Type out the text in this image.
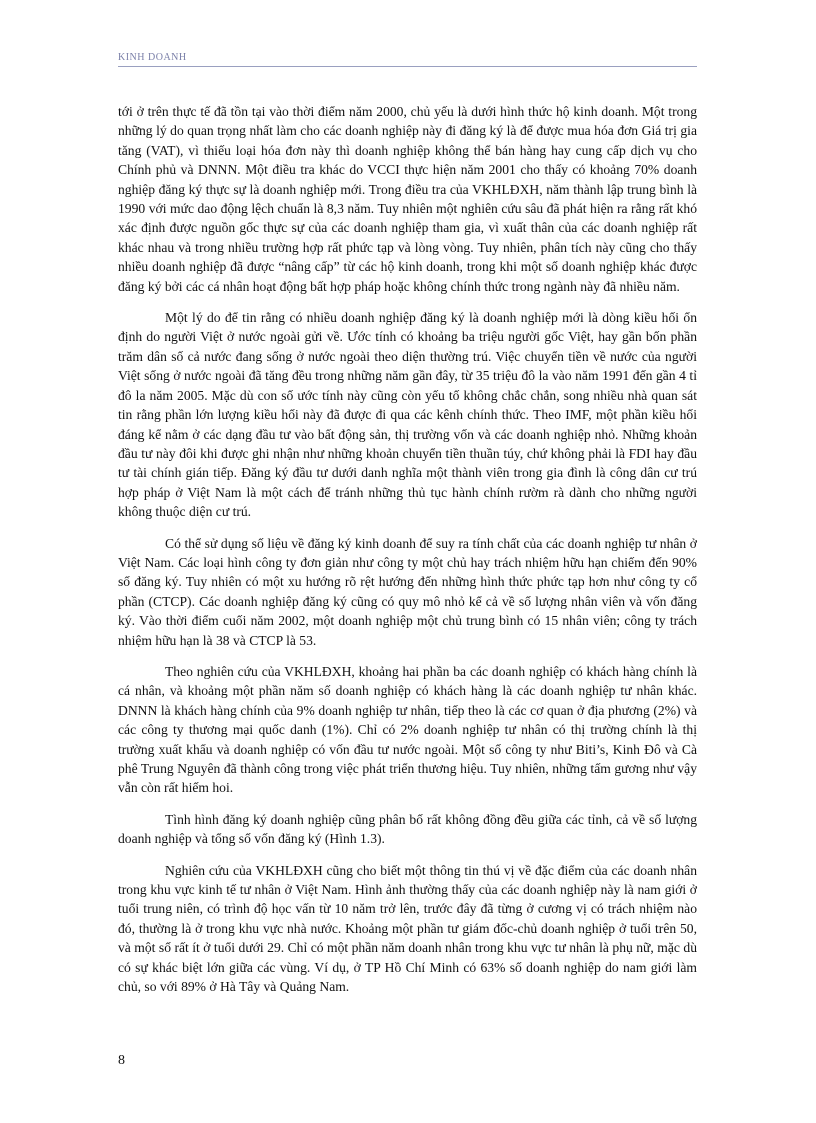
KINH DOANH

tới ở trên thực tế đã tồn tại vào thời điểm năm 2000, chủ yếu là dưới hình thức hộ kinh doanh. Một trong những lý do quan trọng nhất làm cho các doanh nghiệp này đi đăng ký là để được mua hóa đơn Giá trị gia tăng (VAT), vì thiếu loại hóa đơn này thì doanh nghiệp không thể bán hàng hay cung cấp dịch vụ cho Chính phủ và DNNN. Một điều tra khác do VCCI thực hiện năm 2001 cho thấy có khoảng 70% doanh nghiệp đăng ký thực sự là doanh nghiệp mới. Trong điều tra của VKHLĐXH, năm thành lập trung bình là 1990 với mức dao động lệch chuẩn là 8,3 năm. Tuy nhiên một nghiên cứu sâu đã phát hiện ra rằng rất khó xác định được nguồn gốc thực sự của các doanh nghiệp tham gia, vì xuất thân của các doanh nghiệp rất khác nhau và trong nhiều trường hợp rất phức tạp và lòng vòng. Tuy nhiên, phân tích này cũng cho thấy nhiều doanh nghiệp đã được “nâng cấp” từ các hộ kinh doanh, trong khi một số doanh nghiệp khác được đăng ký bởi các cá nhân hoạt động bất hợp pháp hoặc không chính thức trong ngành này đã nhiều năm.

Một lý do để tin rằng có nhiều doanh nghiệp đăng ký là doanh nghiệp mới là dòng kiều hối ổn định do người Việt ở nước ngoài gửi về. Ước tính có khoảng ba triệu người gốc Việt, hay gần bốn phần trăm dân số cả nước đang sống ở nước ngoài theo diện thường trú. Việc chuyển tiền về nước của người Việt sống ở nước ngoài đã tăng đều trong những năm gần đây, từ 35 triệu đô la vào năm 1991 đến gần 4 tỉ đô la năm 2005. Mặc dù con số ước tính này cũng còn yếu tố không chắc chắn, song nhiều nhà quan sát tin rằng phần lớn lượng kiều hối này đã được đi qua các kênh chính thức. Theo IMF, một phần kiều hối đáng kể nằm ở các dạng đầu tư vào bất động sản, thị trường vốn và các doanh nghiệp nhỏ. Những khoản đầu tư này đôi khi được ghi nhận như những khoản chuyển tiền thuần túy, chứ không phải là FDI hay đầu tư tài chính gián tiếp. Đăng ký đầu tư dưới danh nghĩa một thành viên trong gia đình là công dân cư trú hợp pháp ở Việt Nam là một cách để tránh những thủ tục hành chính rườm rà dành cho những người không thuộc diện cư trú.

Có thể sử dụng số liệu về đăng ký kinh doanh để suy ra tính chất của các doanh nghiệp tư nhân ở Việt Nam. Các loại hình công ty đơn giản như công ty một chủ hay trách nhiệm hữu hạn chiếm đến 90% số đăng ký. Tuy nhiên có một xu hướng rõ rệt hướng đến những hình thức phức tạp hơn như công ty cổ phần (CTCP). Các doanh nghiệp đăng ký cũng có quy mô nhỏ kể cả về số lượng nhân viên và vốn đăng ký. Vào thời điểm cuối năm 2002, một doanh nghiệp một chủ trung bình có 15 nhân viên; công ty trách nhiệm hữu hạn là 38 và CTCP là 53.

Theo nghiên cứu của VKHLĐXH, khoảng hai phần ba các doanh nghiệp có khách hàng chính là cá nhân, và khoảng một phần năm số doanh nghiệp có khách hàng là các doanh nghiệp tư nhân khác. DNNN là khách hàng chính của 9% doanh nghiệp tư nhân, tiếp theo là các cơ quan ở địa phương (2%) và các công ty thương mại quốc danh (1%). Chỉ có 2% doanh nghiệp tư nhân có thị trường chính là thị trường xuất khẩu và doanh nghiệp có vốn đầu tư nước ngoài. Một số công ty như Biti’s, Kinh Đô và Cà phê Trung Nguyên đã thành công trong việc phát triển thương hiệu. Tuy nhiên, những tấm gương như vậy vẫn còn rất hiếm hoi.

Tình hình đăng ký doanh nghiệp cũng phân bố rất không đồng đều giữa các tỉnh, cả về số lượng doanh nghiệp và tổng số vốn đăng ký (Hình 1.3).

Nghiên cứu của VKHLĐXH cũng cho biết một thông tin thú vị về đặc điểm của các doanh nhân trong khu vực kinh tế tư nhân ở Việt Nam. Hình ảnh thường thấy của các doanh nghiệp này là nam giới ở tuổi trung niên, có trình độ học vấn từ 10 năm trở lên, trước đây đã từng ở cương vị có trách nhiệm nào đó, thường là ở trong khu vực nhà nước. Khoảng một phần tư giám đốc-chủ doanh nghiệp ở tuổi trên 50, và một số rất ít ở tuổi dưới 29. Chỉ có một phần năm doanh nhân trong khu vực tư nhân là phụ nữ, mặc dù có sự khác biệt lớn giữa các vùng. Ví dụ, ở TP Hồ Chí Minh có 63% số doanh nghiệp do nam giới làm chủ, so với 89% ở Hà Tây và Quảng Nam.

8
